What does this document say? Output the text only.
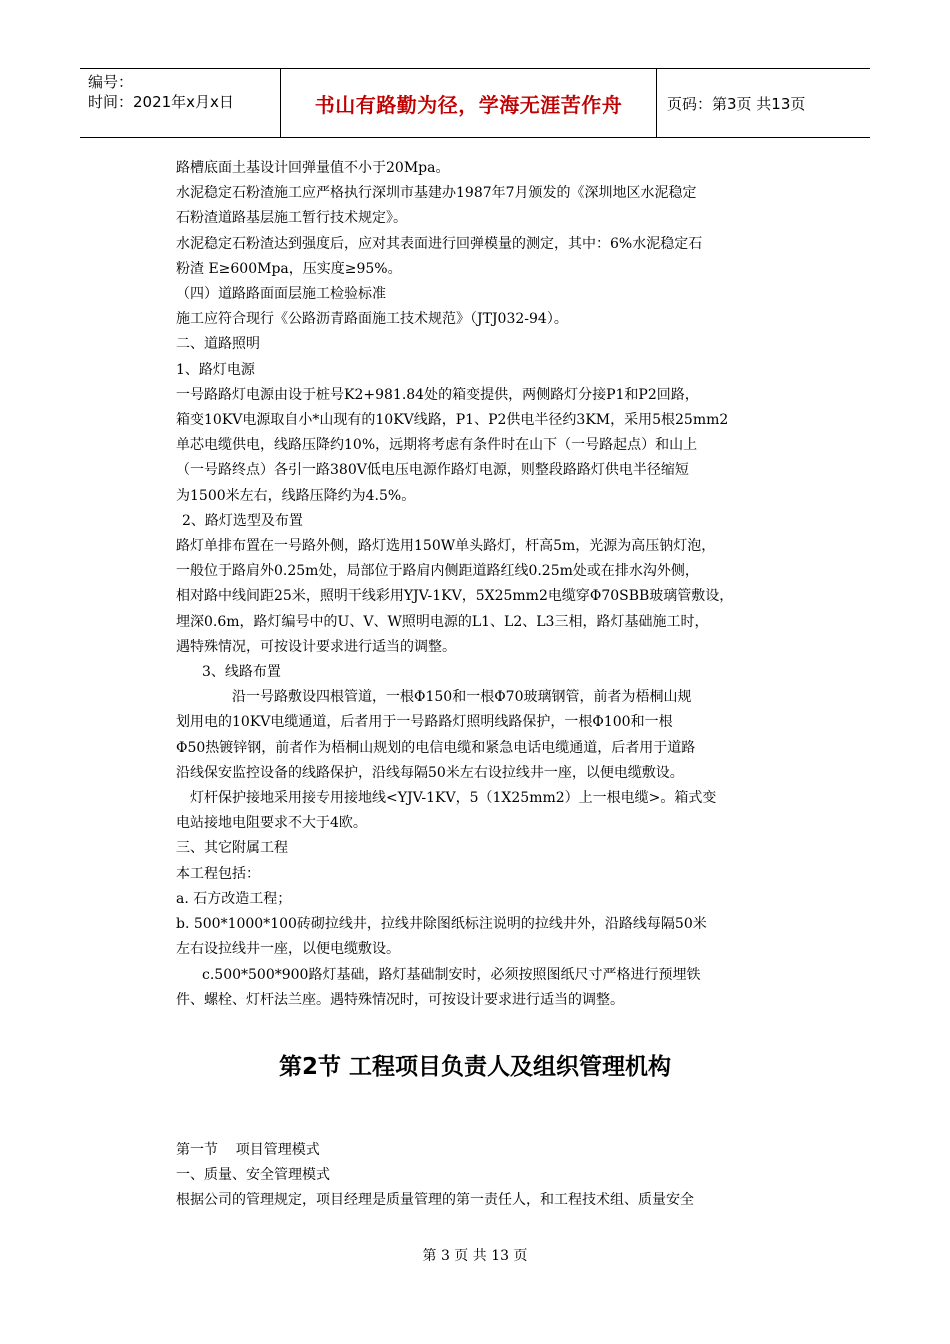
编号：
时间：2021年x月x日	书山有路勤为径，学海无涯苦作舟	页码：第3页 共13页

路槽底面土基设计回弹量值不小于20Mpa。

水泥稳定石粉渣施工应严格执行深圳市基建办1987年7月颁发的《深圳地区水泥稳定

石粉渣道路基层施工暂行技术规定》。

水泥稳定石粉渣达到强度后，应对其表面进行回弹模量的测定，其中：6%水泥稳定石

粉渣 E≥600Mpa，压实度≥95%。

（四）道路路面面层施工检验标准

施工应符合现行《公路沥青路面施工技术规范》（JTJ032-94）。

二、道路照明

1、路灯电源

一号路路灯电源由设于桩号K2+981.84处的箱变提供，两侧路灯分接P1和P2回路，

箱变10KV电源取自小*山现有的10KV线路，P1、P2供电半径约3KM，采用5根25mm2

单芯电缆供电，线路压降约10%，远期将考虑有条件时在山下（一号路起点）和山上

（一号路终点）各引一路380V低电压电源作路灯电源，则整段路路灯供电半径缩短

为1500米左右，线路压降约为4.5%。

2、路灯选型及布置

路灯单排布置在一号路外侧，路灯选用150W单头路灯，杆高5m，光源为高压钠灯泡，

一般位于路肩外0.25m处，局部位于路肩内侧距道路红线0.25m处或在排水沟外侧，

相对路中线间距25米，照明干线彩用YJV-1KV，5X25mm2电缆穿Φ70SBB玻璃管敷设，

埋深0.6m，路灯编号中的U、V、W照明电源的L1、L2、L3三相，路灯基础施工时，

遇特殊情况，可按设计要求进行适当的调整。

3、线路布置

沿一号路敷设四根管道，一根Φ150和一根Φ70玻璃钢管，前者为梧桐山规

划用电的10KV电缆通道，后者用于一号路路灯照明线路保护，一根Φ100和一根

Φ50热镀锌钢，前者作为梧桐山规划的电信电缆和紧急电话电缆通道，后者用于道路

沿线保安监控设备的线路保护，沿线每隔50米左右设拉线井一座，以便电缆敷设。

灯杆保护接地采用接专用接地线<YJV-1KV，5（1X25mm2）上一根电缆>。箱式变

电站接地电阻要求不大于4欧。

三、其它附属工程

本工程包括：

a. 石方改造工程；

b. 500*1000*100砖砌拉线井，拉线井除图纸标注说明的拉线井外，沿路线每隔50米

左右设拉线井一座，以便电缆敷设。

c.500*500*900路灯基础，路灯基础制安时，必须按照图纸尺寸严格进行预埋铁

件、螺栓、灯杆法兰座。遇特殊情况时，可按设计要求进行适当的调整。

第2节 工程项目负责人及组织管理机构

第一节    项目管理模式

一、质量、安全管理模式

根据公司的管理规定，项目经理是质量管理的第一责任人，和工程技术组、质量安全

第 3 页 共 13 页
